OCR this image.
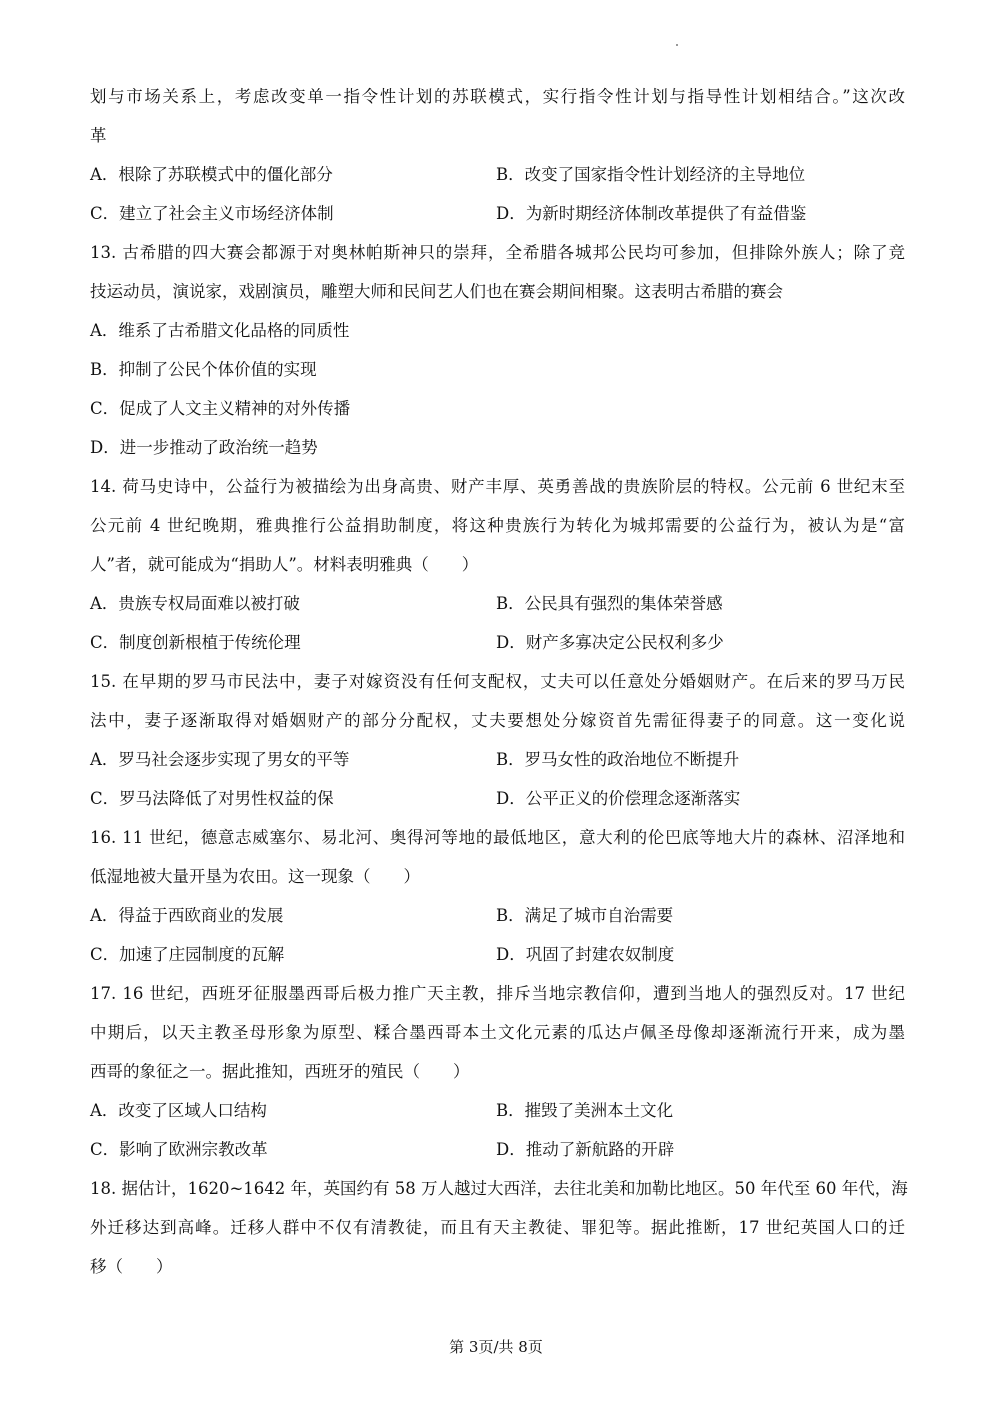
划与市场关系上，考虑改变单一指令性计划的苏联模式，实行指令性计划与指导性计划相结合。”这次改
革
A．根除了苏联模式中的僵化部分	B．改变了国家指令性计划经济的主导地位
C．建立了社会主义市场经济体制	D．为新时期经济体制改革提供了有益借鉴
13. 古希腊的四大赛会都源于对奥林帕斯神只的崇拜，全希腊各城邦公民均可参加，但排除外族人；除了竞
技运动员，演说家，戏剧演员，雕塑大师和民间艺人们也在赛会期间相聚。这表明古希腊的赛会
A．维系了古希腊文化品格的同质性
B．抑制了公民个体价值的实现
C．促成了人文主义精神的对外传播
D．进一步推动了政治统一趋势
14. 荷马史诗中，公益行为被描绘为出身高贵、财产丰厚、英勇善战的贵族阶层的特权。公元前 6 世纪末至
公元前 4 世纪晚期，雅典推行公益捐助制度，将这种贵族行为转化为城邦需要的公益行为，被认为是“富
人”者，就可能成为“捐助人”。材料表明雅典（　　）
A．贵族专权局面难以被打破	B．公民具有强烈的集体荣誉感
C．制度创新根植于传统伦理	D．财产多寡决定公民权利多少
15. 在早期的罗马市民法中，妻子对嫁资没有任何支配权，丈夫可以任意处分婚姻财产。在后来的罗马万民
法中，妻子逐渐取得对婚姻财产的部分分配权，丈夫要想处分嫁资首先需征得妻子的同意。这一变化说
A．罗马社会逐步实现了男女的平等	B．罗马女性的政治地位不断提升
C．罗马法降低了对男性权益的保	D．公平正义的价偿理念逐渐落实
16. 11 世纪，德意志威塞尔、易北河、奥得河等地的最低地区，意大利的伦巴底等地大片的森林、沼泽地和
低湿地被大量开垦为农田。这一现象（　　）
A．得益于西欧商业的发展	B．满足了城市自治需要
C．加速了庄园制度的瓦解	D．巩固了封建农奴制度
17. 16 世纪，西班牙征服墨西哥后极力推广天主教，排斥当地宗教信仰，遭到当地人的强烈反对。17 世纪
中期后，以天主教圣母形象为原型、糅合墨西哥本土文化元素的瓜达卢佩圣母像却逐渐流行开来，成为墨
西哥的象征之一。据此推知，西班牙的殖民（　　）
A．改变了区域人口结构	B．摧毁了美洲本土文化
C．影响了欧洲宗教改革	D．推动了新航路的开辟
18. 据估计，1620~1642 年，英国约有 58 万人越过大西洋，去往北美和加勒比地区。50 年代至 60 年代，海
外迁移达到高峰。迁移人群中不仅有清教徒，而且有天主教徒、罪犯等。据此推断，17 世纪英国人口的迁
移（　　）
第 3页/共 8页
